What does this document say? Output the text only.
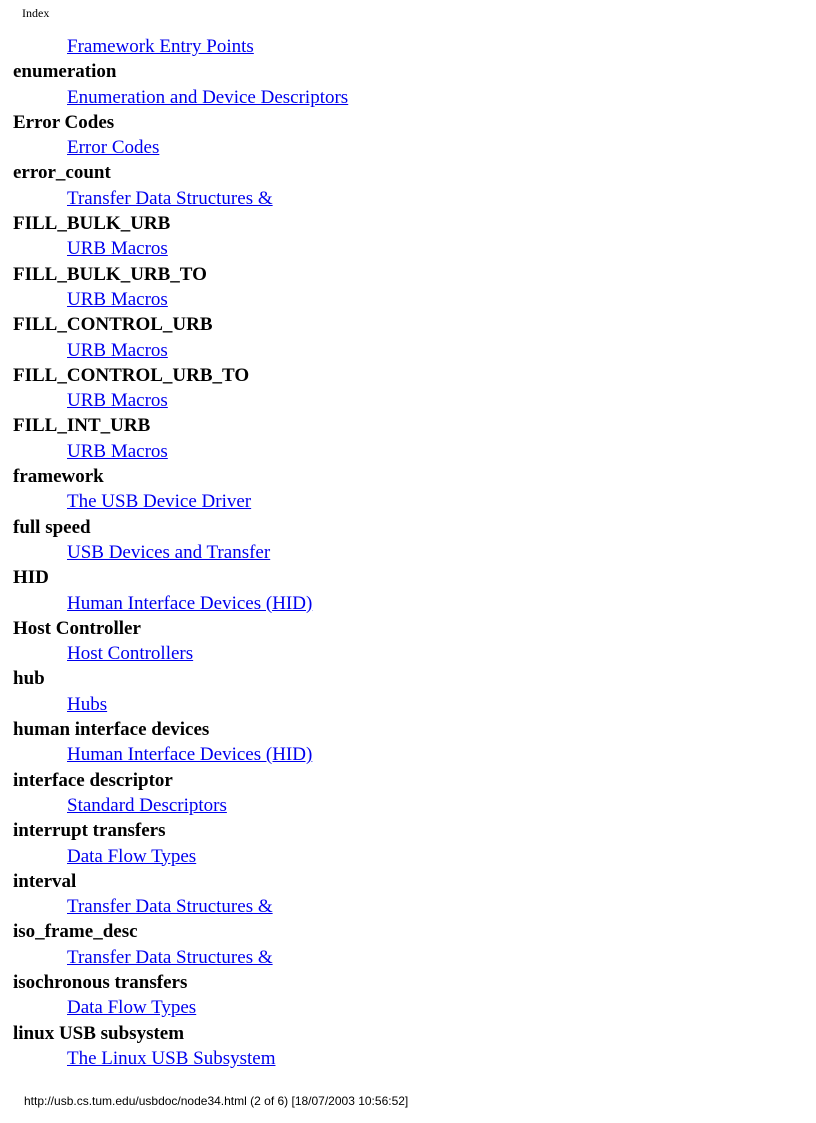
Index
Framework Entry Points
enumeration
Enumeration and Device Descriptors
Error Codes
Error Codes
error_count
Transfer Data Structures &
FILL_BULK_URB
URB Macros
FILL_BULK_URB_TO
URB Macros
FILL_CONTROL_URB
URB Macros
FILL_CONTROL_URB_TO
URB Macros
FILL_INT_URB
URB Macros
framework
The USB Device Driver
full speed
USB Devices and Transfer
HID
Human Interface Devices (HID)
Host Controller
Host Controllers
hub
Hubs
human interface devices
Human Interface Devices (HID)
interface descriptor
Standard Descriptors
interrupt transfers
Data Flow Types
interval
Transfer Data Structures &
iso_frame_desc
Transfer Data Structures &
isochronous transfers
Data Flow Types
linux USB subsystem
The Linux USB Subsystem
http://usb.cs.tum.edu/usbdoc/node34.html (2 of 6) [18/07/2003 10:56:52]
